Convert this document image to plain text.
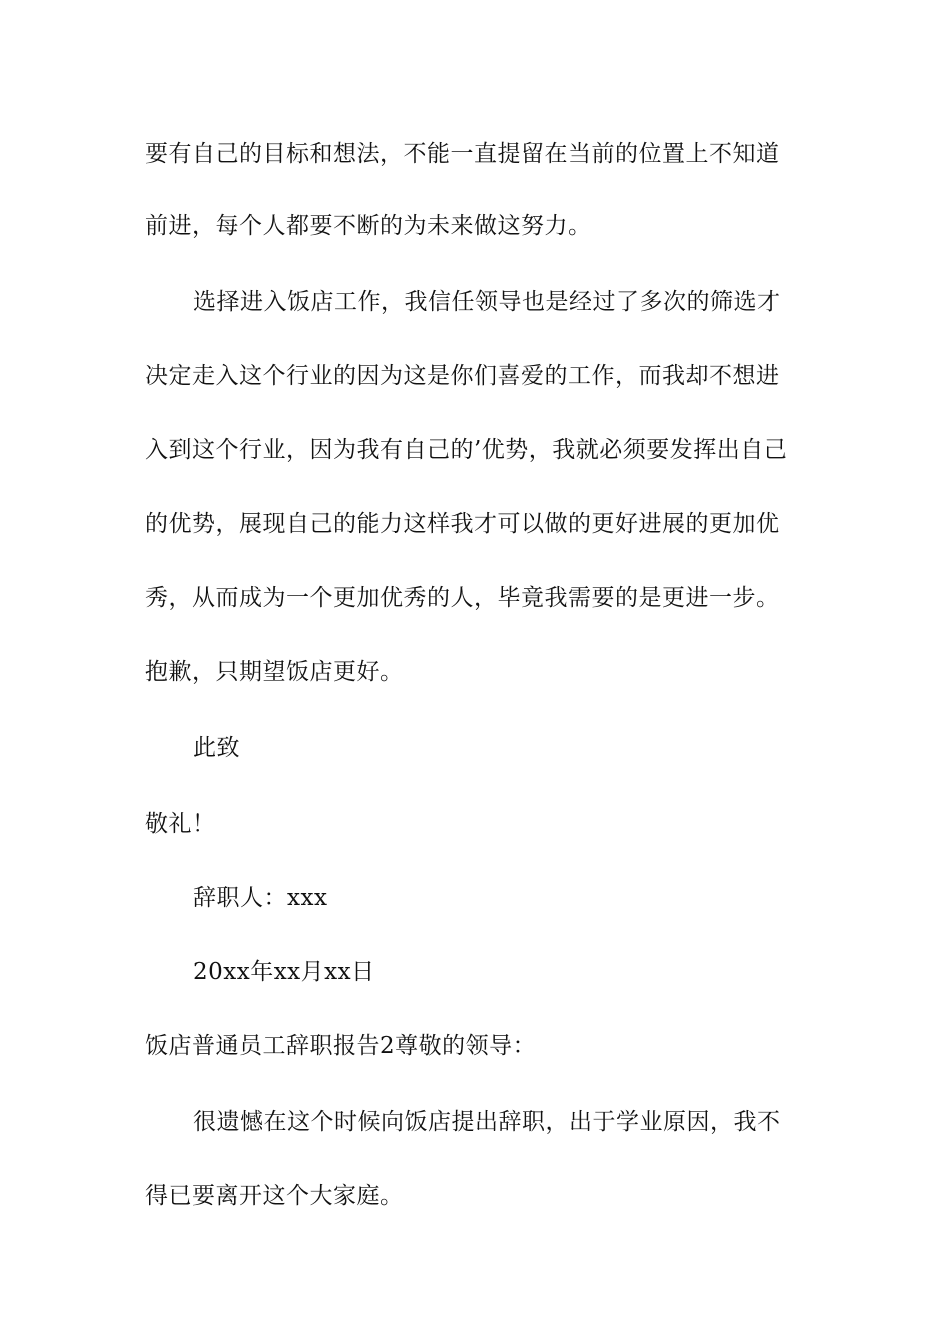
要有自己的目标和想法，不能一直提留在当前的位置上不知道
前进，每个人都要不断的为未来做这努力。
选择进入饭店工作，我信任领导也是经过了多次的筛选才
决定走入这个行业的因为这是你们喜爱的工作，而我却不想进
入到这个行业，因为我有自己的’优势，我就必须要发挥出自己
的优势，展现自己的能力这样我才可以做的更好进展的更加优
秀，从而成为一个更加优秀的人，毕竟我需要的是更进一步。
抱歉，只期望饭店更好。
此致
敬礼！
辞职人：xxx
20xx年xx月xx日
饭店普通员工辞职报告2尊敬的领导：
很遗憾在这个时候向饭店提出辞职，出于学业原因，我不
得已要离开这个大家庭。
